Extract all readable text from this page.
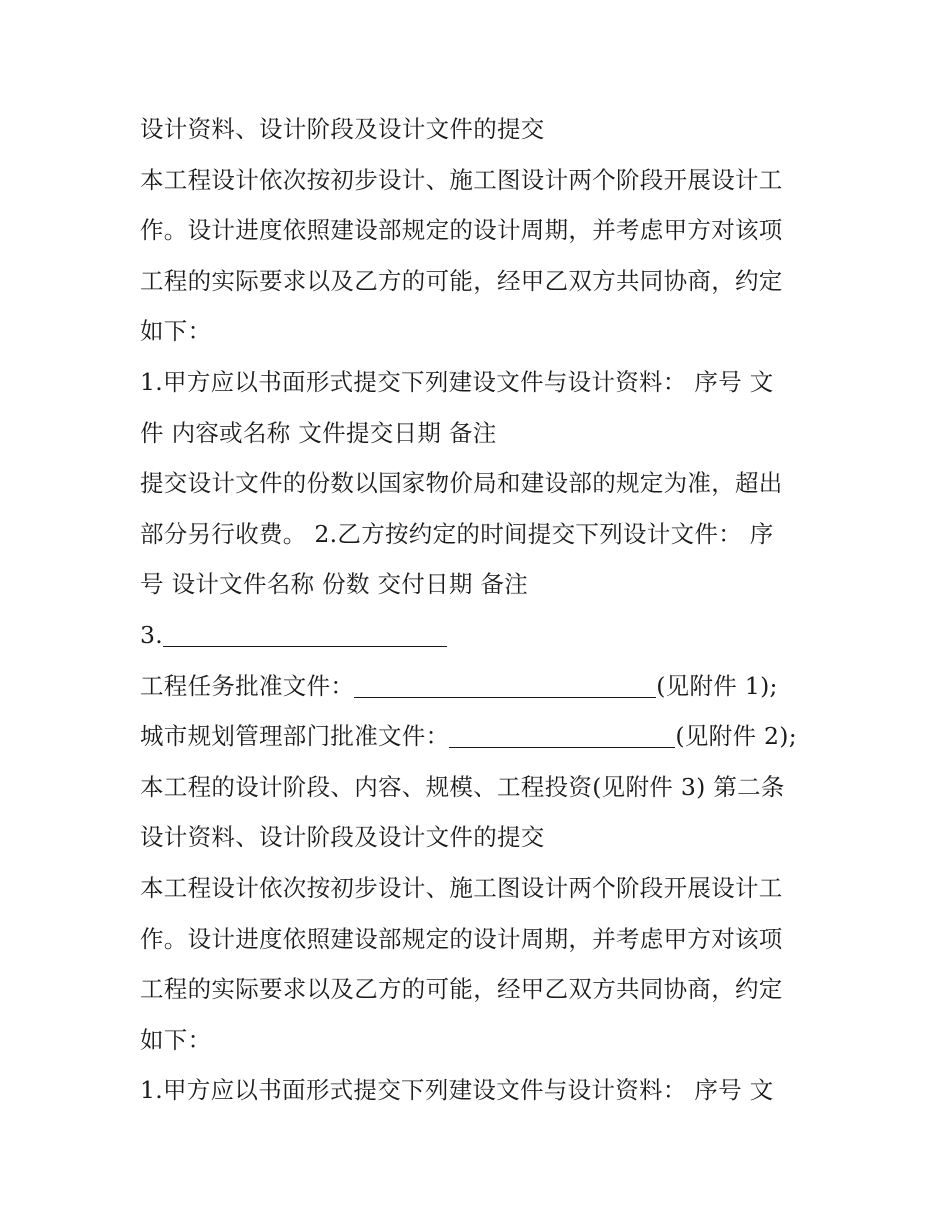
设计资料、设计阶段及设计文件的提交
本工程设计依次按初步设计、施工图设计两个阶段开展设计工
作。设计进度依照建设部规定的设计周期，并考虑甲方对该项
工程的实际要求以及乙方的可能，经甲乙双方共同协商，约定
如下：
1.甲方应以书面形式提交下列建设文件与设计资料： 序号 文
件 内容或名称 文件提交日期 备注
提交设计文件的份数以国家物价局和建设部的规定为准，超出
部分另行收费。 2.乙方按约定的时间提交下列设计文件： 序
号 设计文件名称 份数 交付日期 备注
3.
工程任务批准文件：	(见附件 1);
城市规划管理部门批准文件：	(见附件 2);
本工程的设计阶段、内容、规模、工程投资(见附件 3) 第二条
设计资料、设计阶段及设计文件的提交
本工程设计依次按初步设计、施工图设计两个阶段开展设计工
作。设计进度依照建设部规定的设计周期，并考虑甲方对该项
工程的实际要求以及乙方的可能，经甲乙双方共同协商，约定
如下：
1.甲方应以书面形式提交下列建设文件与设计资料： 序号 文
